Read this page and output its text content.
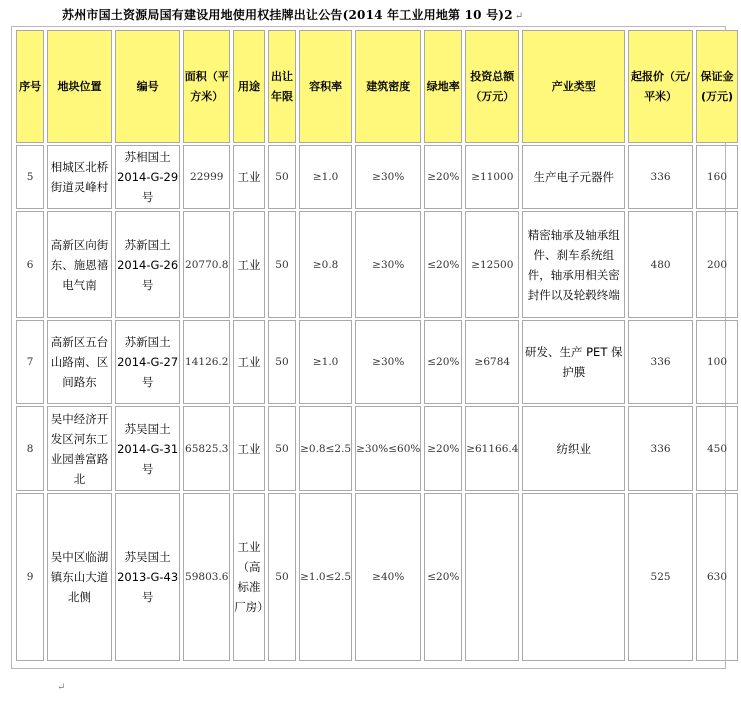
苏州市国土资源局国有建设用地使用权挂牌出让公告(2014 年工业用地第 10 号)2 ↵
序号	地块位置	编号	面积（平方米）	用途	出让年限	容积率	建筑密度	绿地率	投资总额（万元）	产业类型	起报价（元/平米）	保证金(万元)
5	相城区北桥街道灵峰村	苏相国土2014-G-29号	22999	工业	50	≥1.0	≥30%	≥20%	≥11000	生产电子元器件	336	160
6	高新区向街东、施恩禧电气南	苏新国土2014-G-26号	20770.8	工业	50	≥0.8	≥30%	≤20%	≥12500	精密轴承及轴承组件、刹车系统组件，轴承用相关密封件以及轮毂终端	480	200
7	高新区五台山路南、区间路东	苏新国土2014-G-27号	14126.2	工业	50	≥1.0	≥30%	≤20%	≥6784	研发、生产 PET 保护膜	336	100
8	吴中经济开发区河东工业园善富路北	苏吴国土2014-G-31号	65825.3	工业	50	≥0.8≤2.5	≥30%≤60%	≥20%	≥61166.4	纺织业	336	450
9	吴中区临湖镇东山大道北侧	苏吴国土2013-G-43号	59803.6	工业（高标准厂房）	50	≥1.0≤2.5	≥40%	≤20%			525	630
↵
